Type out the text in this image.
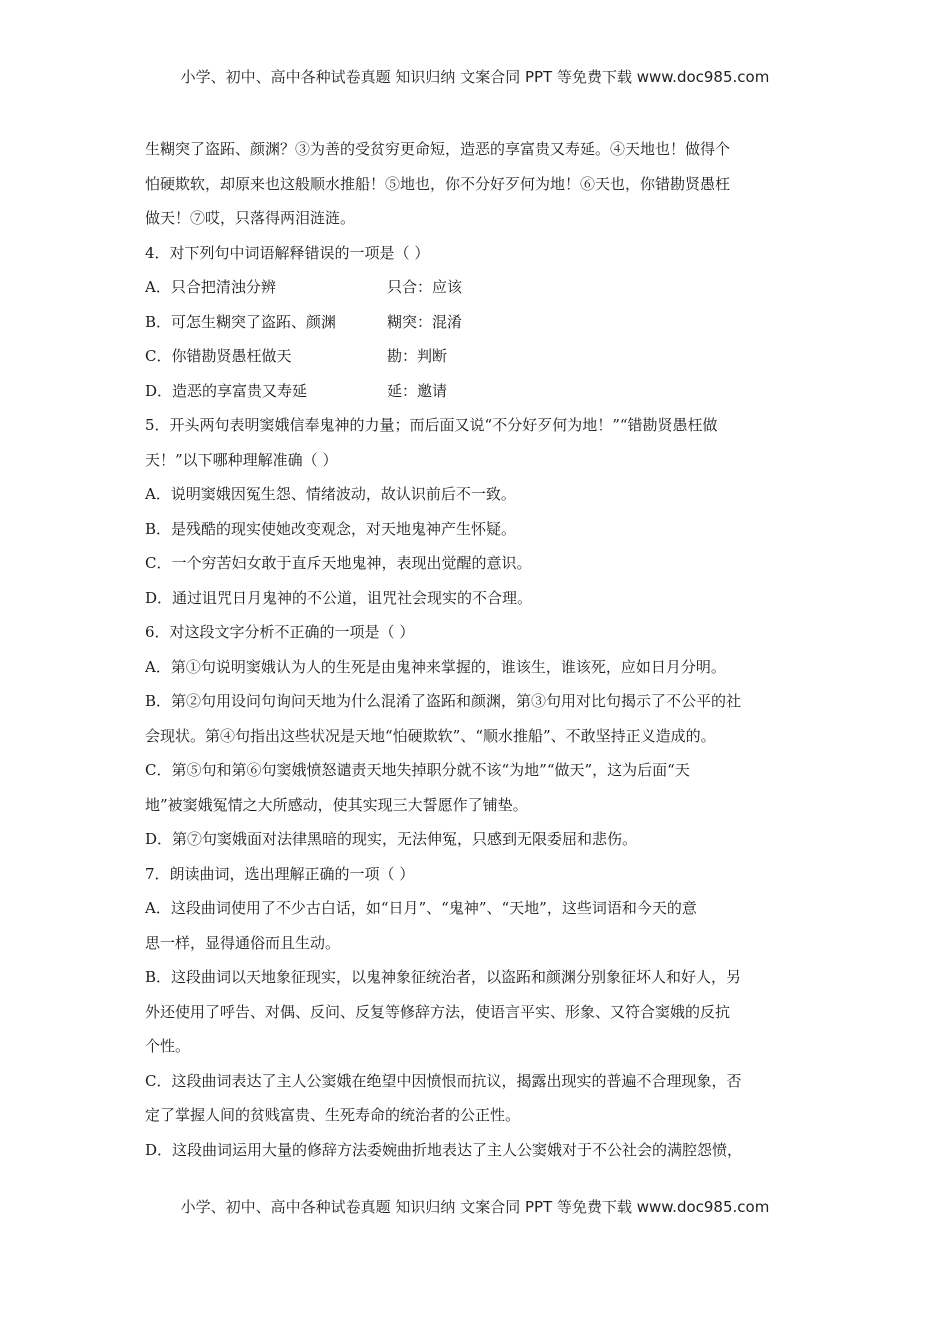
小学、初中、高中各种试卷真题 知识归纳 文案合同 PPT 等免费下载 www.doc985.com

生糊突了盗跖、颜渊？③为善的受贫穷更命短，造恶的享富贵又寿延。④天地也！做得个

怕硬欺软，却原来也这般顺水推船！⑤地也，你不分好歹何为地！⑥天也，你错勘贤愚枉

做天！⑦哎，只落得两泪涟涟。

4．对下列句中词语解释错误的一项是（ ）

A．只合把清浊分辨	只合：应该
B．可怎生糊突了盗跖、颜渊	糊突：混淆
C．你错勘贤愚枉做天	勘：判断
D．造恶的享富贵又寿延	延：邀请

5．开头两句表明窦娥信奉鬼神的力量；而后面又说“不分好歹何为地！”“错勘贤愚枉做

天！”以下哪种理解准确（ ）

A．说明窦娥因冤生怨、情绪波动，故认识前后不一致。

B．是残酷的现实使她改变观念，对天地鬼神产生怀疑。

C．一个穷苦妇女敢于直斥天地鬼神，表现出觉醒的意识。

D．通过诅咒日月鬼神的不公道，诅咒社会现实的不合理。

6．对这段文字分析不正确的一项是（ ）

A．第①句说明窦娥认为人的生死是由鬼神来掌握的，谁该生，谁该死，应如日月分明。

B．第②句用设问句询问天地为什么混淆了盗跖和颜渊，第③句用对比句揭示了不公平的社

会现状。第④句指出这些状况是天地“怕硬欺软”、“顺水推船”、不敢坚持正义造成的。

C．第⑤句和第⑥句窦娥愤怒谴责天地失掉职分就不该“为地”“做天”，这为后面“天

地”被窦娥冤情之大所感动，使其实现三大誓愿作了铺垫。

D．第⑦句窦娥面对法律黑暗的现实，无法伸冤，只感到无限委屈和悲伤。

7．朗读曲词，选出理解正确的一项（ ）

A．这段曲词使用了不少古白话，如“日月”、“鬼神”、“天地”，这些词语和今天的意

思一样，显得通俗而且生动。

B．这段曲词以天地象征现实，以鬼神象征统治者，以盗跖和颜渊分别象征坏人和好人，另

外还使用了呼告、对偶、反问、反复等修辞方法，使语言平实、形象、又符合窦娥的反抗

个性。

C．这段曲词表达了主人公窦娥在绝望中因愤恨而抗议，揭露出现实的普遍不合理现象，否

定了掌握人间的贫贱富贵、生死寿命的统治者的公正性。

D．这段曲词运用大量的修辞方法委婉曲折地表达了主人公窦娥对于不公社会的满腔怨愤，

小学、初中、高中各种试卷真题 知识归纳 文案合同 PPT 等免费下载 www.doc985.com
